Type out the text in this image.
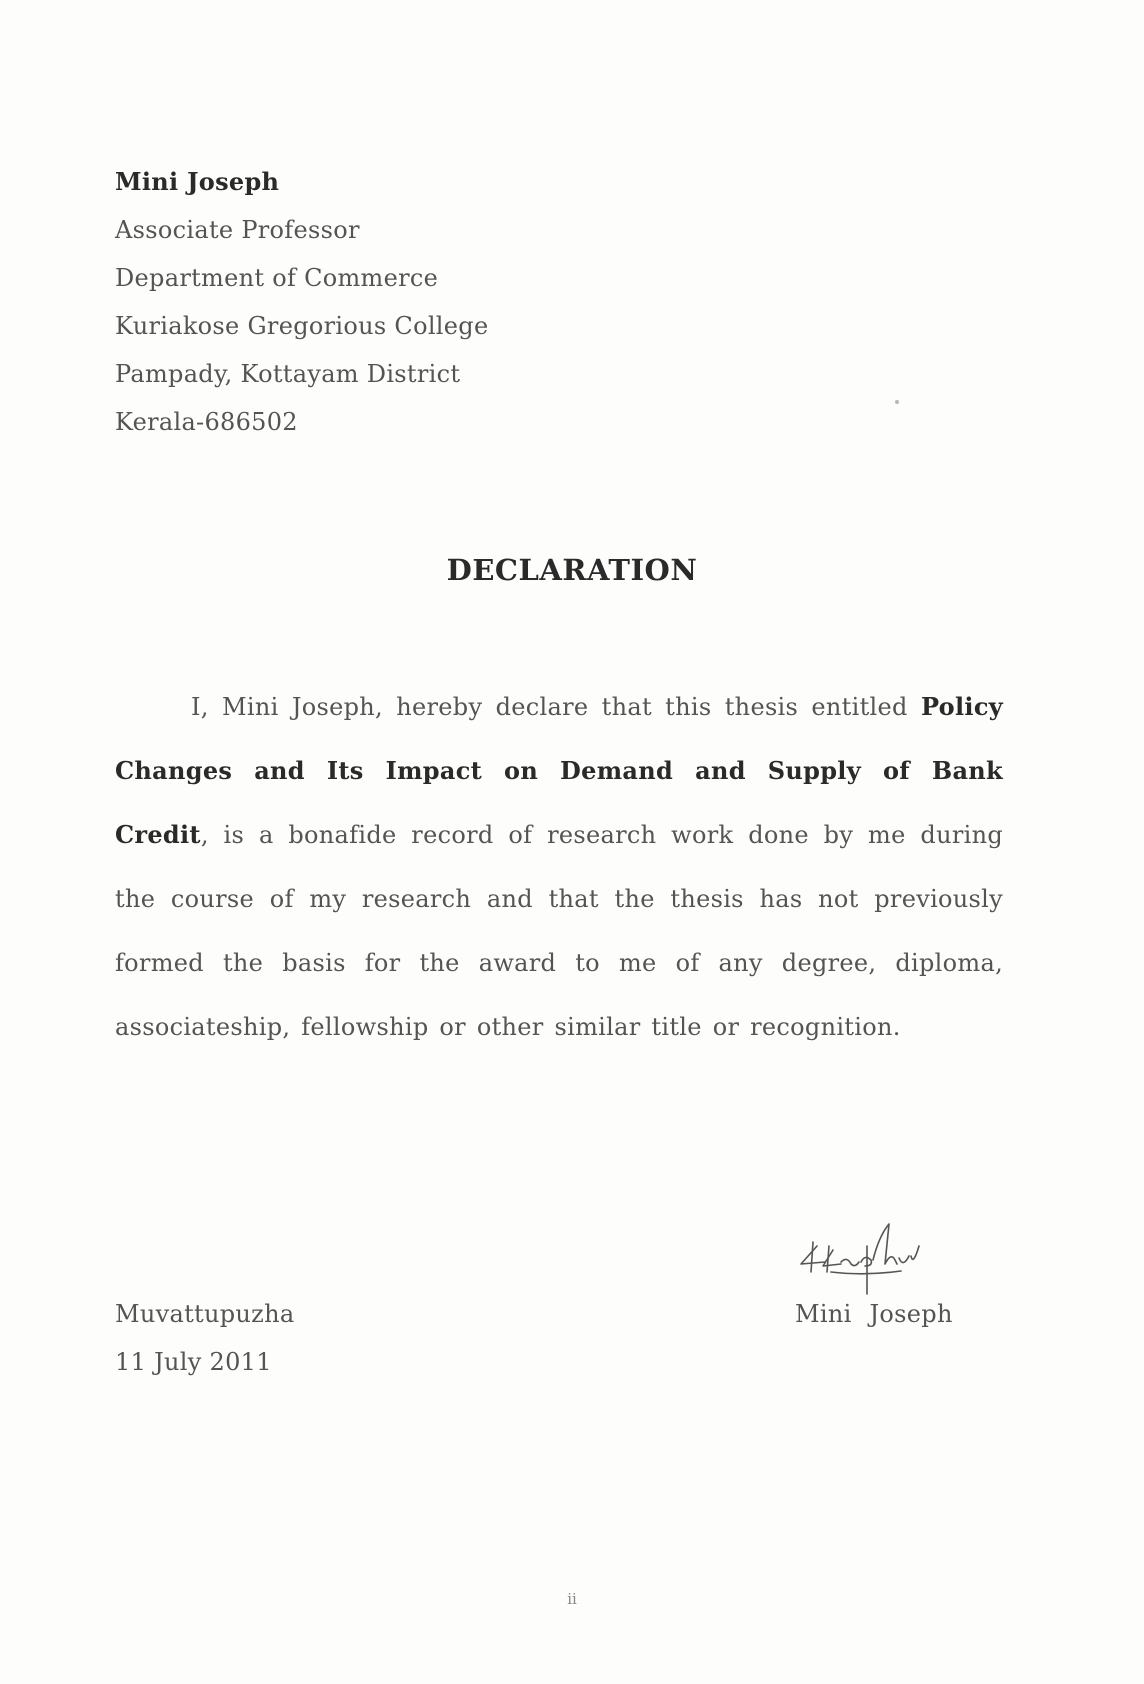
Mini Joseph
Associate Professor
Department of Commerce
Kuriakose Gregorious College
Pampady, Kottayam District
Kerala-686502
DECLARATION
I, Mini Joseph, hereby declare that this thesis entitled Policy Changes and Its Impact on Demand and Supply of Bank Credit, is a bonafide record of research work done by me during the course of my research and that the thesis has not previously formed the basis for the award to me of any degree, diploma, associateship, fellowship or other similar title or recognition.
Muvattupuzha
11 July 2011
Mini Joseph
ii
